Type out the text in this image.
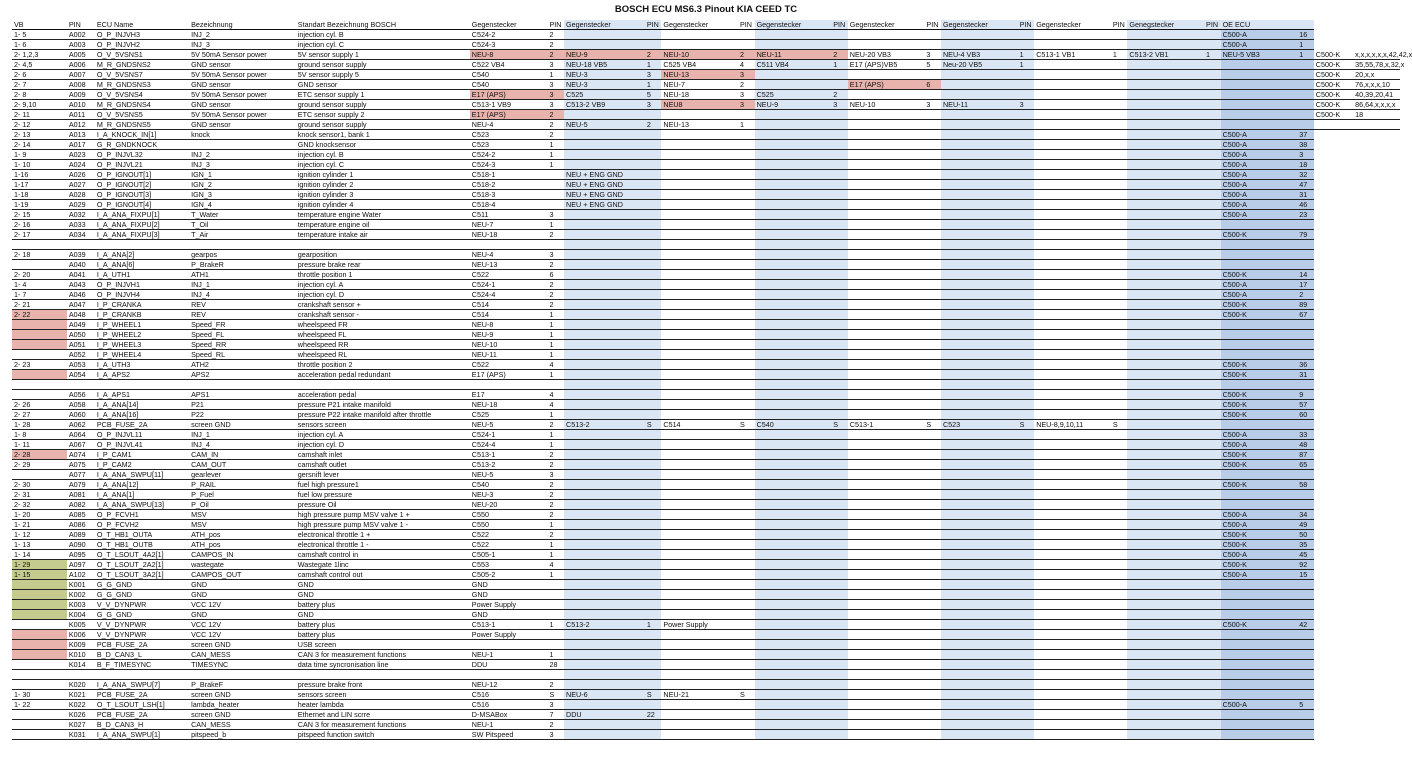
BOSCH ECU MS6.3 Pinout KIA CEED TC
VB	PIN	ECU Name	Bezeichnung	Standart Bezeichnung BOSCH	Gegenstecker	PIN	Gegenstecker	PIN	Gegenstecker	PIN	Gegenstecker	PIN	Gegenstecker	PIN	Gegenstecker	PIN	Gegenstecker	PIN	Genegstecker	PIN	OE ECU			
1- 5	A002	O_P_INJVH3	INJ_2	injection cyl. B	C524-2	2															C500-A	16		
1- 6	A003	O_P_INJVH2	INJ_3	injection cyl. C	C524-3	2															C500-A	1		
2- 1,2,3	A005	O_V_5VSNS1	5V 50mA Sensor power	5V sensor supply 1	NEU-8	2	NEU-9	2	NEU-10	2	NEU-11	2	NEU-20 VB3	3	NEU-4 VB3	1	C513-1 VB1	1	C513-2 VB1	1	NEU-5 VB3	1	C500-K	x,x,x,x,x,x,42,42,x
2- 4,5	A006	M_R_GNDSNS2	GND sensor	ground sensor supply	C522 VB4	3	NEU-18 VB5	1	C525 VB4	4	C511 VB4	1	E17 (APS)VB5	5	Neu-20 VB5	1							C500-K	35,55,78,x,32,x
2- 6	A007	O_V_5VSNS7	5V 50mA Sensor power	5V sensor supply 5	C540	1	NEU-3	3	NEU-13	3													C500-K	20,x,x
2- 7	A008	M_R_GNDSNS3	GND sensor	GND sensor	C540	3	NEU-3	1	NEU-7	2			E17 (APS)	6									C500-K	76,x,x,x,10
2- 8	A009	O_V_5VSNS4	5V 50mA Sensor power	ETC sensor supply 1	E17 (APS)	3	C525	5	NEU-18	3	C525	2											C500-K	40,39,20,41
2- 9,10	A010	M_R_GNDSNS4	GND sensor	ground sensor supply	C513-1 VB9	3	C513-2 VB9	3	NEU8	3	NEU-9	3	NEU-10	3	NEU-11	3							C500-K	86,64,x,x,x,x
2- 11	A011	O_V_5VSNS5	5V 50mA Sensor power	ETC sensor supply 2	E17 (APS)	2																	C500-K	18
2- 12	A012	M_R_GNDSNS5	GND sensor	ground sensor supply	NEU-4	2	NEU-5	2	NEU-13	1														
2- 13	A013	I_A_KNOCK_IN[1]	knock	knock sensor1, bank 1	C523	2															C500-A	37		
2- 14	A017	G_R_GNDKNOCK		GND knocksensor	C523	1															C500-A	38		
1- 9	A023	O_P_INJVL32	INJ_2	injection cyl. B	C524-2	1															C500-A	3		
1- 10	A024	O_P_INJVL21	INJ_3	injection cyl. C	C524-3	1															C500-A	18		
1-16	A026	O_P_IGNOUT[1]	IGN_1	ignition cylinder 1	C518-1		NEU + ENG GND														C500-A	32		
1-17	A027	O_P_IGNOUT[2]	IGN_2	ignition cylinder 2	C518-2		NEU + ENG GND														C500-A	47		
1-18	A028	O_P_IGNOUT[3]	IGN_3	ignition cylinder 3	C518-3		NEU + ENG GND														C500-A	31		
1-19	A029	O_P_IGNOUT[4]	IGN_4	ignition cylinder 4	C518-4		NEU + ENG GND														C500-A	46		
2- 15	A032	I_A_ANA_FIXPU[1]	T_Water	temperature engine Water	C511	3															C500-A	23		
2- 16	A033	I_A_ANA_FIXPU[2]	T_Oil	temperature engine oil	NEU-7	1																		
2- 17	A034	I_A_ANA_FIXPU[3]	T_Air	temperature intake air	NEU-18	2															C500-K	79		

2- 18	A039	I_A_ANA[2]	gearpos	gearposition	NEU-4	3																		
	A040	I_A_ANA[6]	P_BrakeR	pressure brake rear	NEU-13	2																		
2- 20	A041	I_A_UTH1	ATH1	throttle position 1	C522	6															C500-K	14		
1- 4	A043	O_P_INJVH1	INJ_1	injection cyl. A	C524-1	2															C500-A	17		
1- 7	A046	O_P_INJVH4	INJ_4	injection cyl. D	C524-4	2															C500-A	2		
2- 21	A047	I_P_CRANKA	REV	crankshaft sensor +	C514	2															C500-K	89		
2- 22	A048	I_P_CRANKB	REV	crankshaft sensor -	C514	1															C500-K	67		
	A049	I_P_WHEEL1	Speed_FR	wheelspeed FR	NEU-8	1																		
	A050	I_P_WHEEL2	Speed_FL	wheelspeed FL	NEU-9	1																		
	A051	I_P_WHEEL3	Speed_RR	wheelspeed RR	NEU-10	1																		
	A052	I_P_WHEEL4	Speed_RL	wheelspeed RL	NEU-11	1																		
2- 23	A053	I_A_UTH3	ATH2	throttle position 2	C522	4															C500-K	36		
	A054	I_A_APS2	APS2	acceleration pedal redundant	E17 (APS)	1															C500-K	31		

	A056	I_A_APS1	APS1	acceleration pedal	E17	4															C500-K	9		
2- 26	A058	I_A_ANA[14]	P21	pressure P21 intake manifold	NEU-18	4															C500-K	57		
2- 27	A060	I_A_ANA[16]	P22	pressure P22 intake manifold after throttle	C525	1															C500-K	60		
1- 28	A062	PCB_FUSE_2A	screen GND	sensors screen	NEU-5	2	C513-2	S	C514	S	C540	S	C513-1	S	C523	S	NEU-8,9,10,11	S						
1- 8	A064	O_P_INJVL11	INJ_1	injection cyl. A	C524-1	1															C500-A	33		
1- 11	A067	O_P_INJVL41	INJ_4	injection cyl. D	C524-4	1															C500-A	48		
2- 28	A074	I_P_CAM1	CAM_IN	camshaft inlet	C513-1	2															C500-K	87		
2- 29	A075	I_P_CAM2	CAM_OUT	camshaft outlet	C513-2	2															C500-K	65		
	A077	I_A_ANA_SWPU[11]	gearlever	gersnift lever	NEU-5	3																		
2- 30	A079	I_A_ANA[12]	P_RAIL	fuel high pressure1	C540	2															C500-K	58		
2- 31	A081	I_A_ANA[1]	P_Fuel	fuel low pressure	NEU-3	2																		
2- 32	A082	I_A_ANA_SWPU[13]	P_Oil	pressure Oil	NEU-20	2																		
1- 20	A085	O_P_FCVH1	MSV	high pressure pump MSV valve 1 +	C550	2															C500-A	34		
1- 21	A086	O_P_FCVH2	MSV	high pressure pump MSV valve 1 -	C550	1															C500-A	49		
1- 12	A089	O_T_HB1_OUTA	ATH_pos	electronical throttle 1 +	C522	2															C500-K	50		
1- 13	A090	O_T_HB1_OUTB	ATH_pos	electronical throttle 1 -	C522	1															C500-K	35		
1- 14	A095	O_T_LSOUT_4A2[1]	CAMPOS_IN	camshaft control in	C505-1	1															C500-A	45		
1- 29	A097	O_T_LSOUT_2A2[1]	wastegate	Wastegate 1linc	C553	4															C500-K	92		
1- 15	A102	O_T_LSOUT_3A2[1]	CAMPOS_OUT	camshaft control out	C505-2	1															C500-A	15		
	K001	G_G_GND	GND	GND	GND																			
	K002	G_G_GND	GND	GND	GND																			
	K003	V_V_DYNPWR	VCC 12V	battery plus	Power Supply																			
	K004	G_G_GND	GND	GND	GND																			
	K005	V_V_DYNPWR	VCC 12V	battery plus	C513-1	1	C513-2	1	Power Supply												C500-K	42		
	K006	V_V_DYNPWR	VCC 12V	battery plus	Power Supply																			
	K009	PCB_FUSE_2A	screen GND	USB screen																				
	K010	B_D_CAN3_L	CAN_MESS	CAN 3 for measurement functions	NEU-1	1																		
	K014	B_F_TIMESYNC	TIMESYNC	data time syncronisation line	DDU	28																		

	K020	I_A_ANA_SWPU[7]	P_BrakeF	pressure brake front	NEU-12	2																		
1- 30	K021	PCB_FUSE_2A	screen GND	sensors screen	C516	S	NEU-6	S	NEU-21	S														
1- 22	K022	O_T_LSOUT_LSH[1]	lambda_heater	heater lambda	C516	3															C500-A	5		
	K026	PCB_FUSE_2A	screen GND	Ethernet and LIN scrre	D-MSABox	7	DDU	22																
	K027	B_D_CAN3_H	CAN_MESS	CAN 3 for measurement functions	NEU-1	2																		
	K031	I_A_ANA_SWPU[1]	pitspeed_b	pitspeed function switch	SW Pitspeed	3																		
